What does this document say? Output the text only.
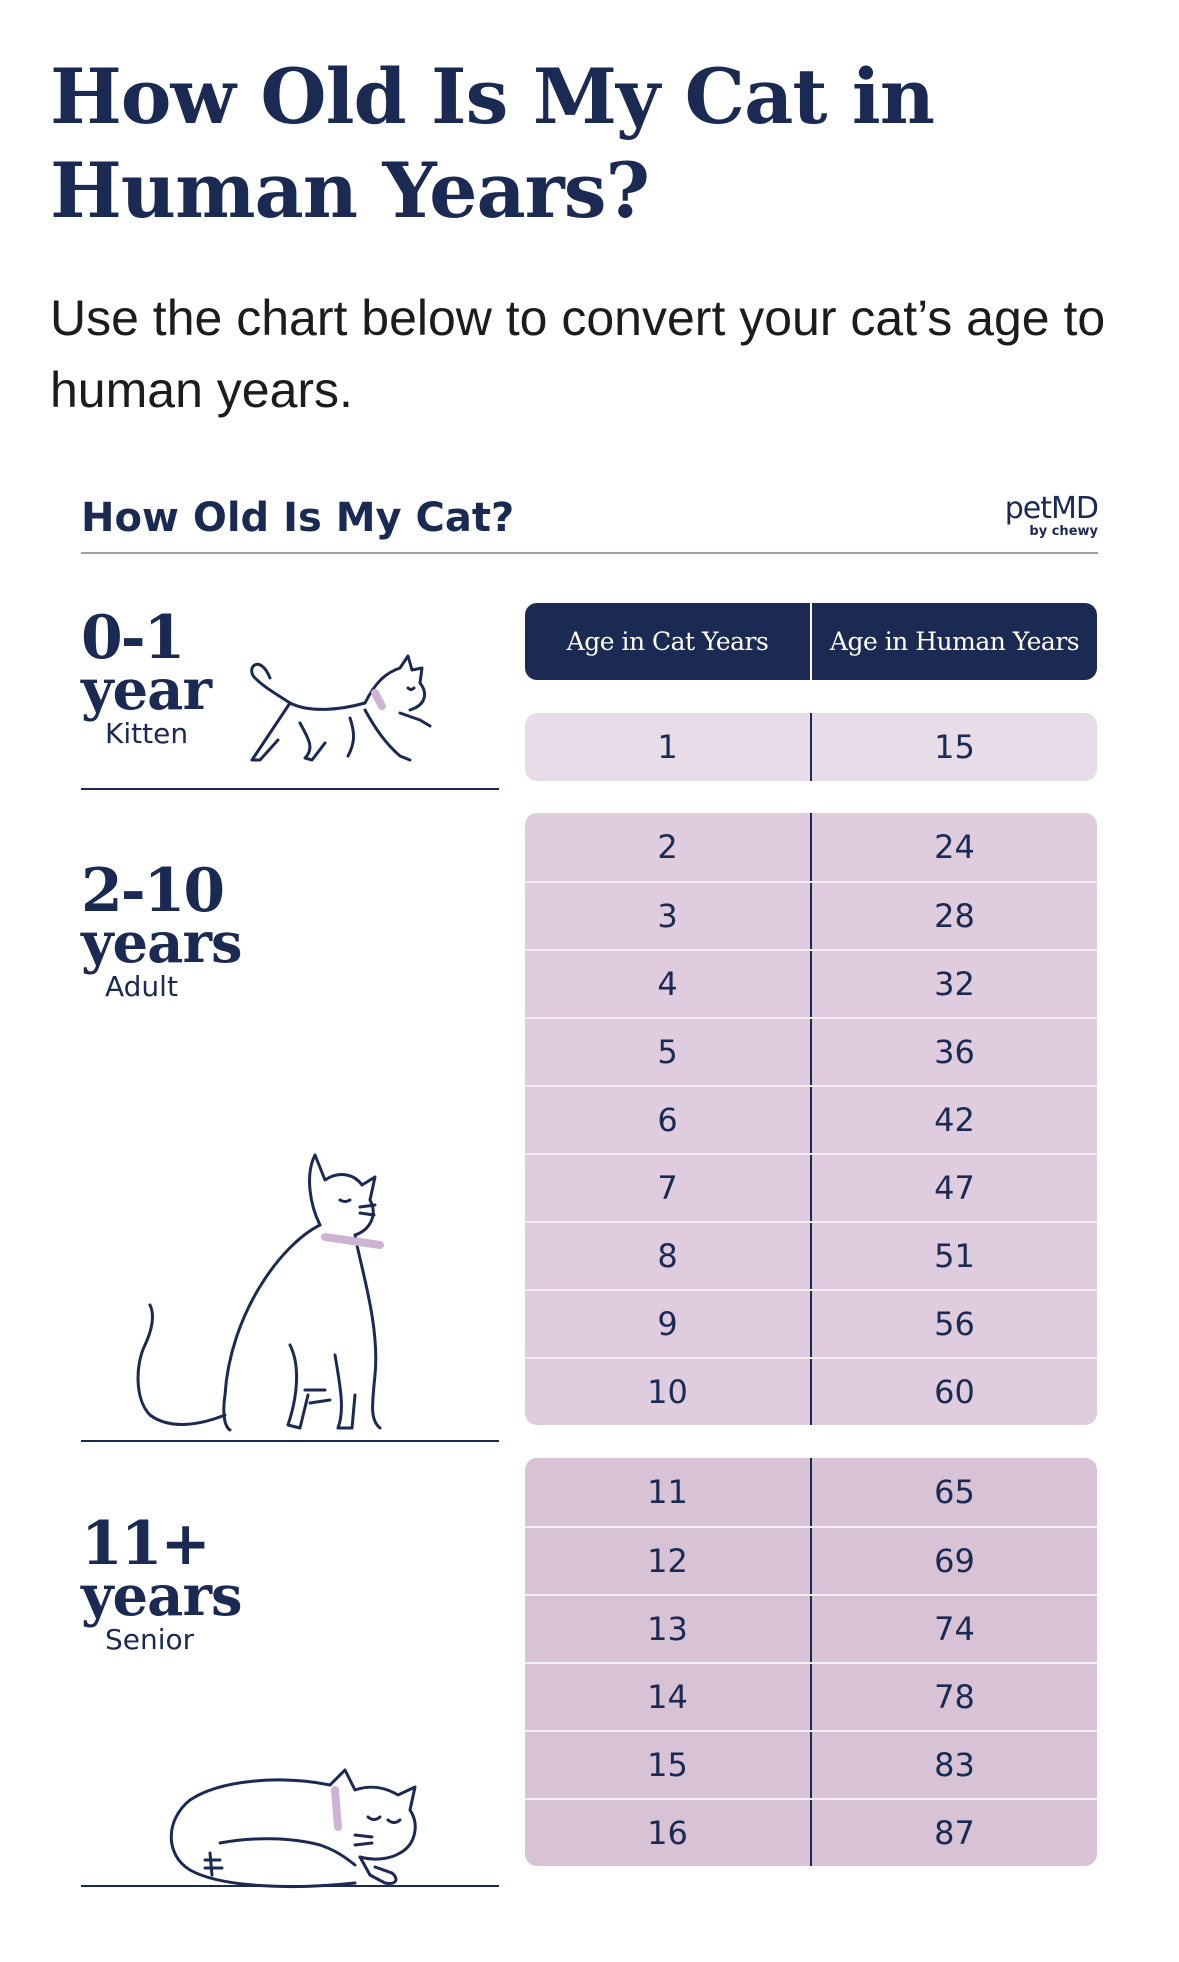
How Old Is My Cat in Human Years?

Use the chart below to convert your cat’s age to human years.

How Old Is My Cat?	petMD
by chewy
0-1
year
Kitten
2-10
years
Adult
11+
years
Senior
Age in Cat Years	Age in Human Years
1	15
2	24
3	28
4	32
5	36
6	42
7	47
8	51
9	56
10	60
11	65
12	69
13	74
14	78
15	83
16	87
